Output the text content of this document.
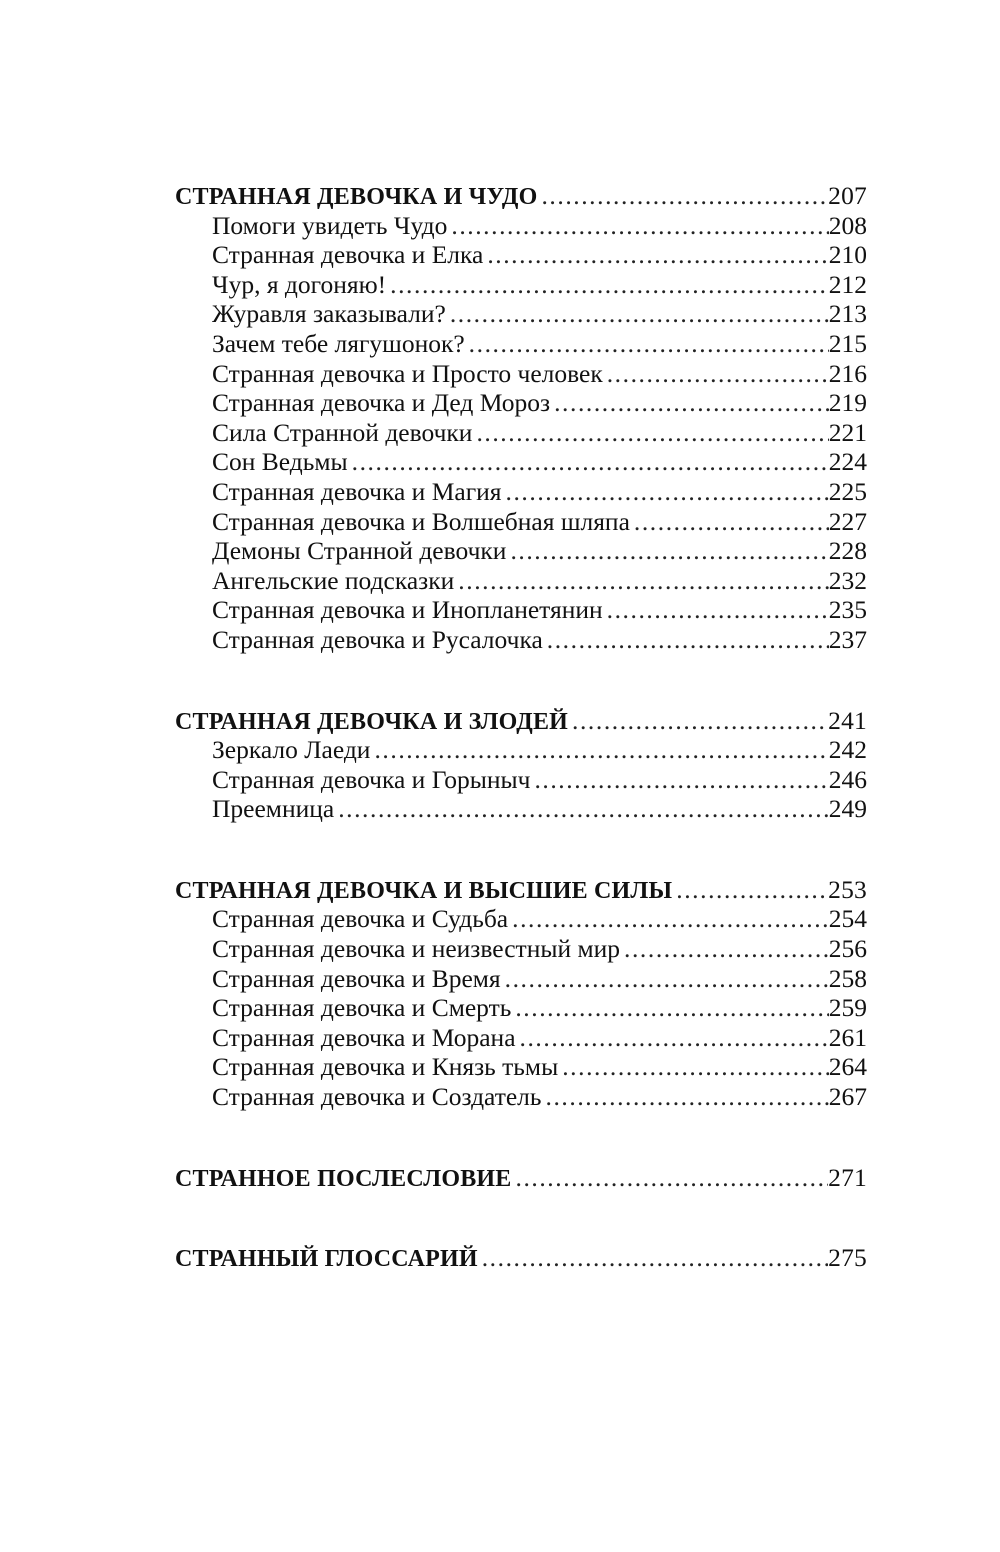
СТРАННАЯ ДЕВОЧКА И ЧУДО . . .	207
Помоги увидеть Чудо . . .	208
Странная девочка и Елка . . .	210
Чур, я догоняю! . . .	212
Журавля заказывали? . . .	213
Зачем тебе лягушонок? . . .	215
Странная девочка и Просто человек . . .	216
Странная девочка и Дед Мороз . . .	219
Сила Странной девочки . . .	221
Сон Ведьмы . . .	224
Странная девочка и Магия . . .	225
Странная девочка и Волшебная шляпа . . .	227
Демоны Странной девочки . . .	228
Ангельские подсказки . . .	232
Странная девочка и Инопланетянин . . .	235
Странная девочка и Русалочка . . .	237
СТРАННАЯ ДЕВОЧКА И ЗЛОДЕЙ . . .	241
Зеркало Лаеди . . .	242
Странная девочка и Горыныч . . .	246
Преемница . . .	249
СТРАННАЯ ДЕВОЧКА И ВЫСШИЕ СИЛЫ . . .	253
Странная девочка и Судьба . . .	254
Странная девочка и неизвестный мир . . .	256
Странная девочка и Время . . .	258
Странная девочка и Смерть . . .	259
Странная девочка и Морана . . .	261
Странная девочка и Князь тьмы . . .	264
Странная девочка и Создатель . . .	267
СТРАННОЕ ПОСЛЕСЛОВИЕ . . .	271
СТРАННЫЙ ГЛОССАРИЙ . . .	275
